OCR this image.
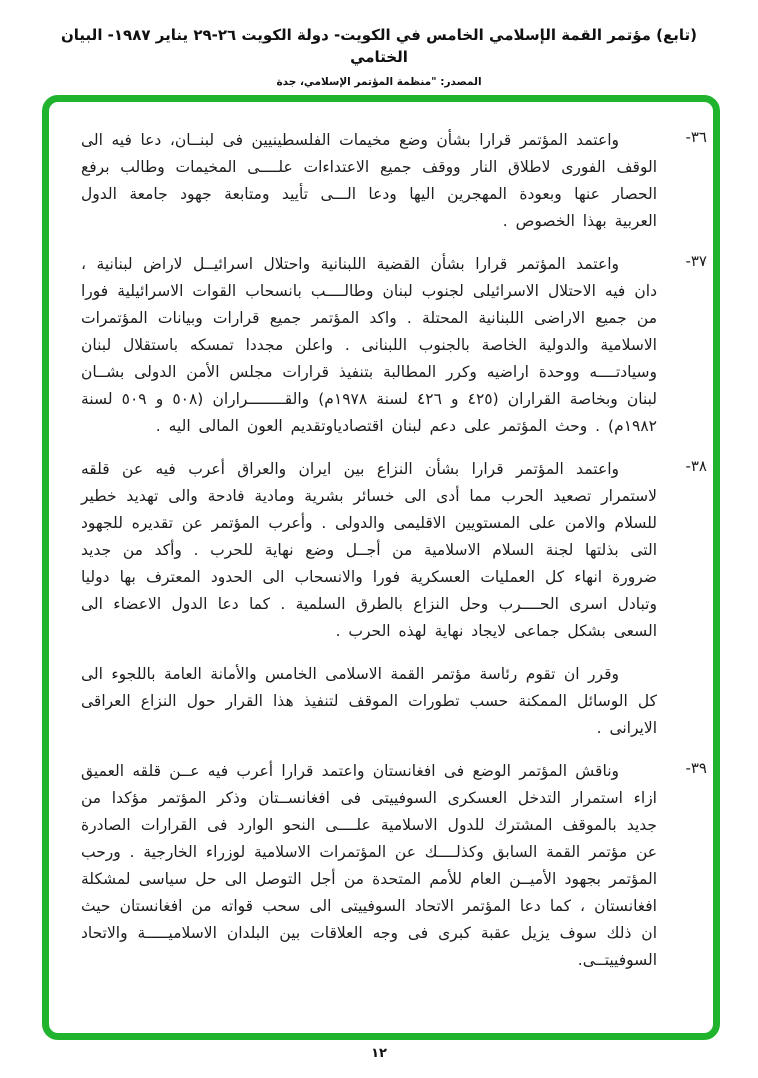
(تابع) مؤتمر القمة الإسلامي الخامس في الكويت- دولة الكويت ٢٦-٢٩ يناير ١٩٨٧- البيان الختامي
المصدر: "منظمة المؤتمر الإسلامي، جدة
٣٦-
واعتمد المؤتمر قرارا بشأن وضع مخيمات الفلسطينيين فى لبنــان، دعا فيه الى الوقف الفورى لاطلاق النار ووقف جميع الاعتداءات علــــى المخيمات وطالب برفع الحصار عنها وبعودة المهجرين اليها ودعا الـــى تأييد ومتابعة جهود جامعة الدول العربية بهذا الخصوص .
٣٧-
واعتمد المؤتمر قرارا بشأن القضية اللبنانية واحتلال اسرائيــل لاراض لبنانية ، دان فيه الاحتلال الاسرائيلى لجنوب لبنان وطالــــب بانسحاب القوات الاسرائيلية فورا من جميع الاراضى اللبنانية المحتلة . واكد المؤتمر جميع قرارات وبيانات المؤتمرات الاسلامية والدولية الخاصة بالجنوب اللبنانى . واعلن مجددا تمسكه باستقلال لبنان وسيادتــــه ووحدة اراضيه وكرر المطالبة بتنفيذ قرارات مجلس الأمن الدولى بشــان لبنان وبخاصة القراران (٤٢٥ و ٤٢٦ لسنة ١٩٧٨م) والقــــــــراران (٥٠٨ و ٥٠٩ لسنة ١٩٨٢م) . وحث المؤتمر على دعم لبنان اقتصادياوتقديم العون المالى اليه .
٣٨-
واعتمد المؤتمر قرارا بشأن النزاع بين ايران والعراق أعرب فيه عن قلقه لاستمرار تصعيد الحرب مما أدى الى خسائر بشرية ومادية فادحة والى تهديد خطير للسلام والامن على المستويين الاقليمى والدولى . وأعرب المؤتمر عن تقديره للجهود التى بذلتها لجنة السلام الاسلامية من أجــل وضع نهاية للحرب . وأكد من جديد ضرورة انهاء كل العمليات العسكرية فورا والانسحاب الى الحدود المعترف بها دوليا وتبادل اسرى الحــــرب وحل النزاع بالطرق السلمية . كما دعا الدول الاعضاء الى السعى بشكل جماعى لايجاد نهاية لهذه الحرب .
وقرر ان تقوم رئاسة مؤتمر القمة الاسلامى الخامس والأمانة العامة باللجوء الى كل الوسائل الممكنة حسب تطورات الموقف لتنفيذ هذا القرار حول النزاع العراقى الايرانى .
٣٩-
وناقش المؤتمر الوضع فى افغانستان واعتمد قرارا أعرب فيه عــن قلقه العميق ازاء استمرار التدخل العسكرى السوفييتى فى افغانســتان وذكر المؤتمر مؤكدا من جديد بالموقف المشترك للدول الاسلامية علــــى النحو الوارد فى القرارات الصادرة عن مؤتمر القمة السابق وكذلــــك عن المؤتمرات الاسلامية لوزراء الخارجية . ورحب المؤتمر بجهود الأميــن العام للأمم المتحدة من أجل التوصل الى حل سياسى لمشكلة افغانستان ، كما دعا المؤتمر الاتحاد السوفييتى الى سحب قواته من افغانستان حيث ان ذلك سوف يزيل عقبة كبرى فى وجه العلاقات بين البلدان الاسلاميـــــة والاتحاد السوفييتــى.
١٢
